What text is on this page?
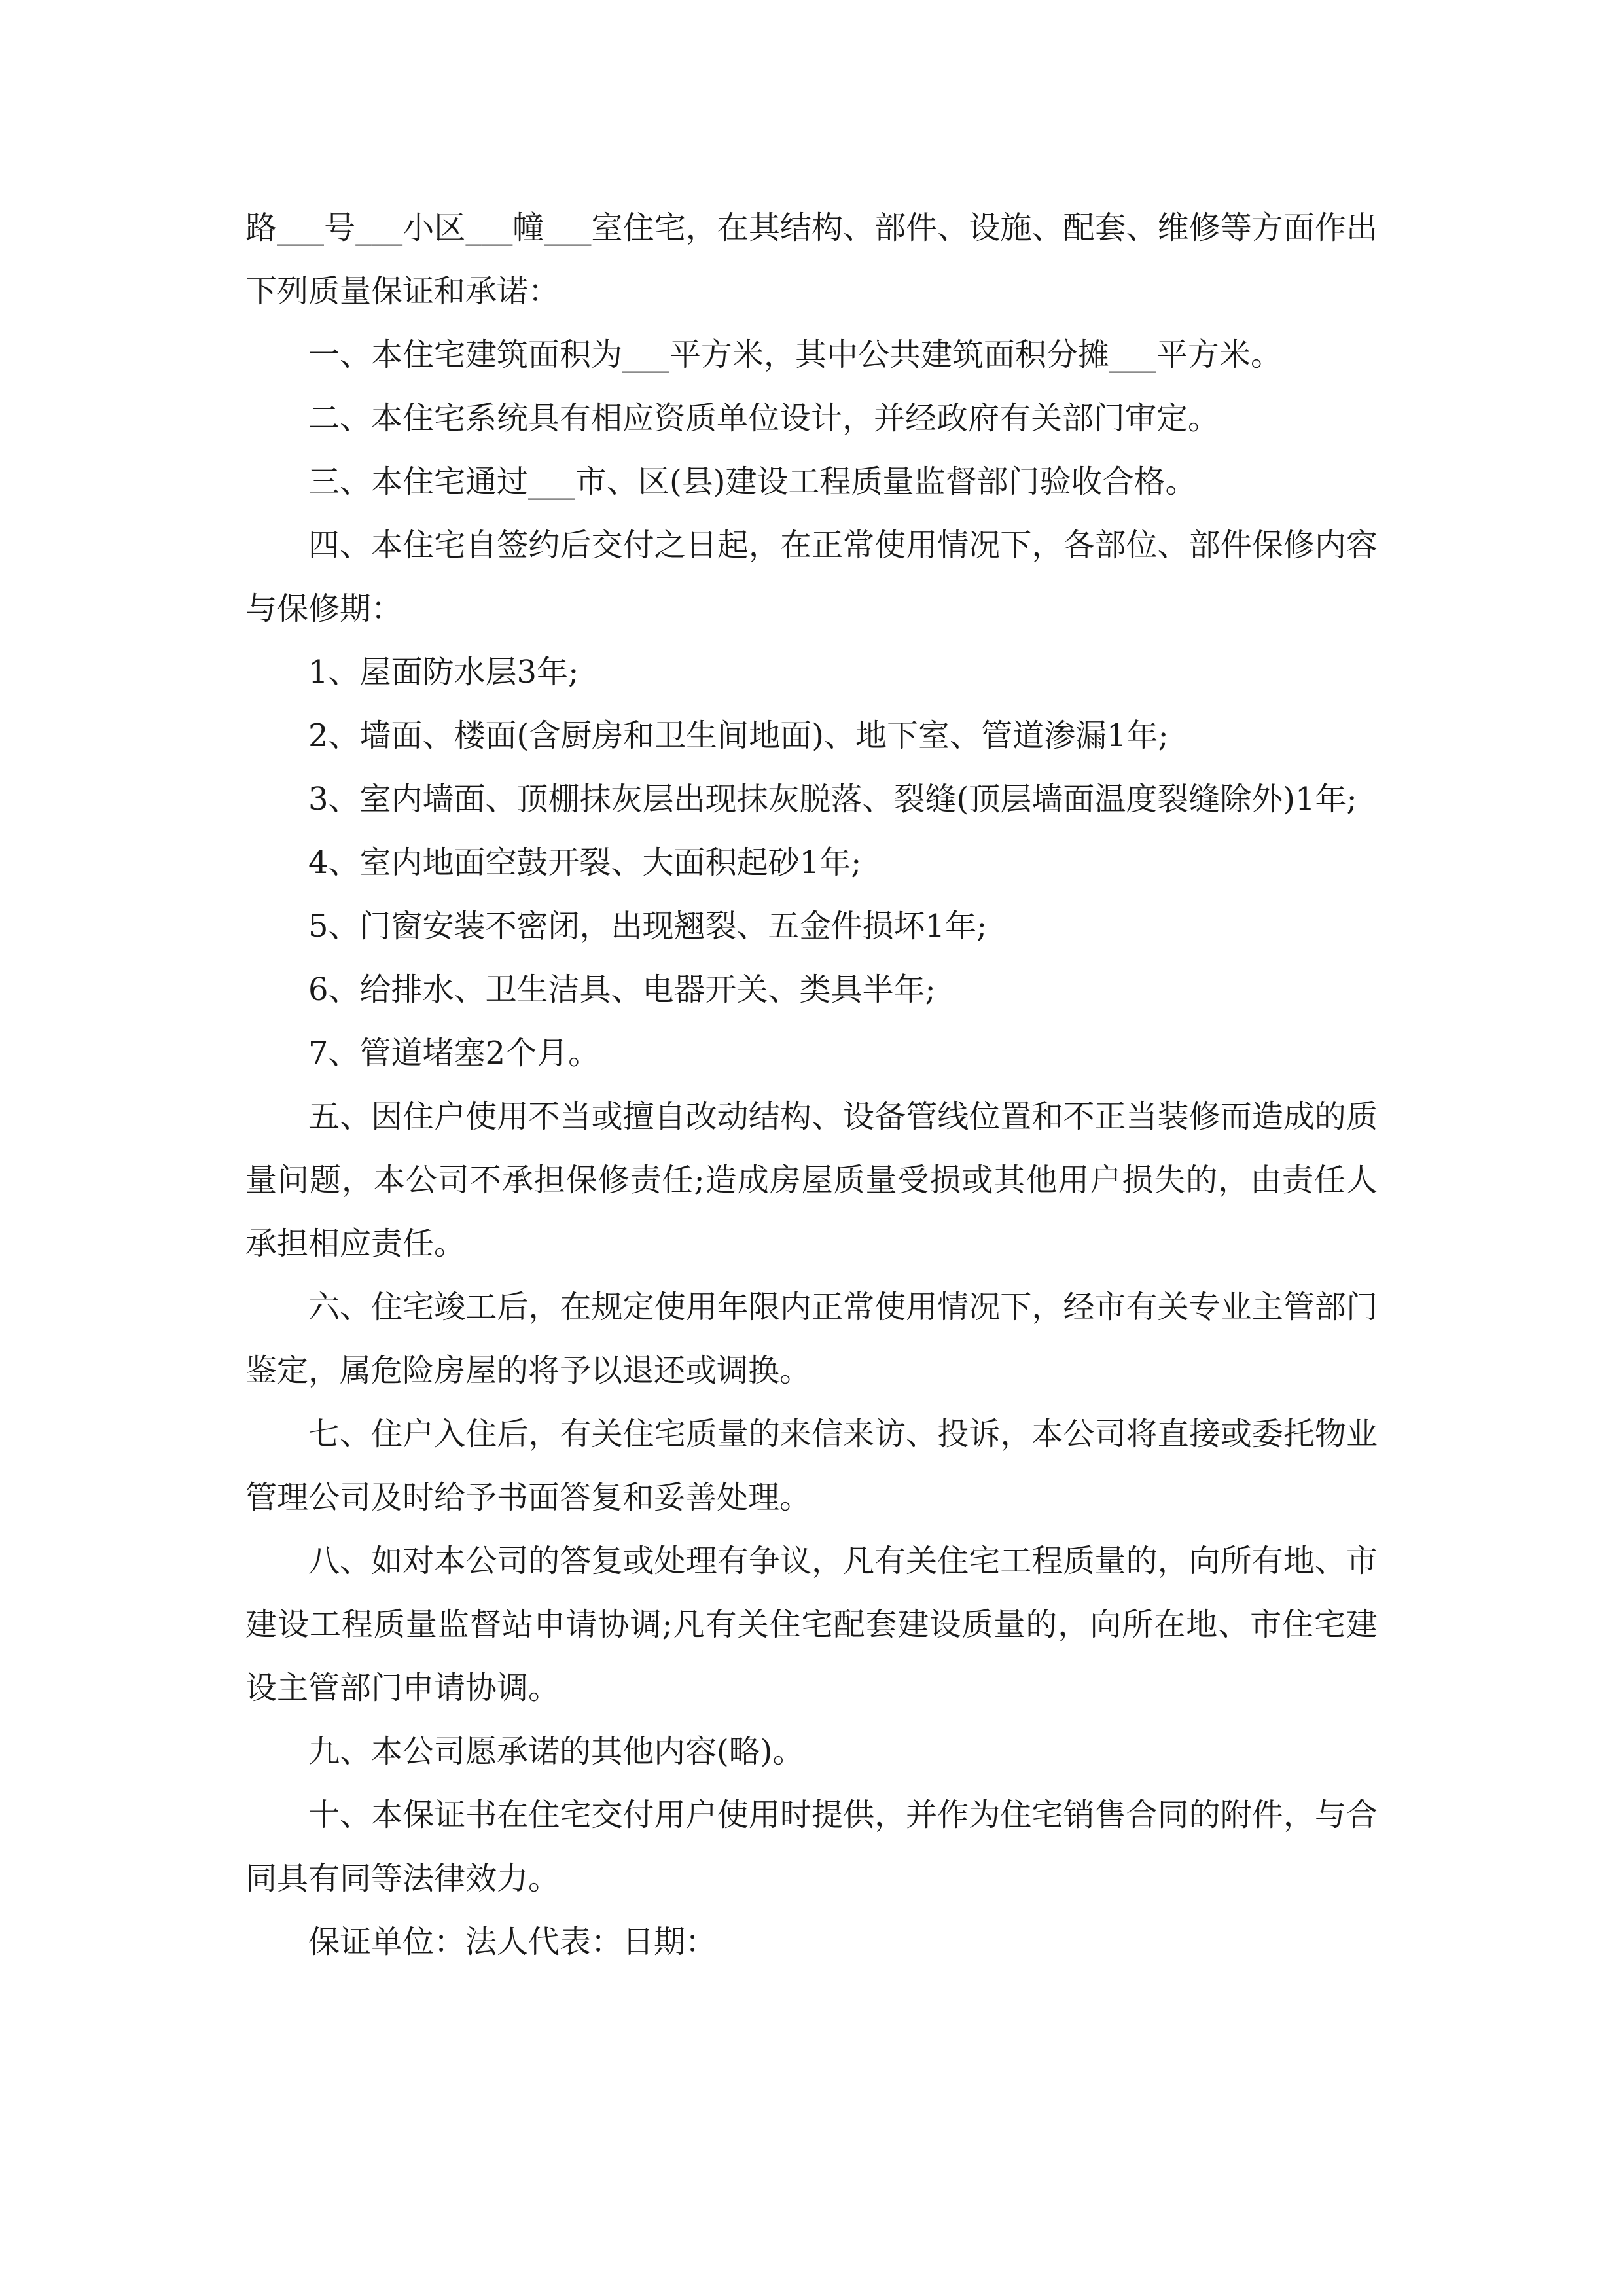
路___号___小区___幢___室住宅，在其结构、部件、设施、配套、维修等方面作出下列质量保证和承诺：

一、本住宅建筑面积为___平方米，其中公共建筑面积分摊___平方米。

二、本住宅系统具有相应资质单位设计，并经政府有关部门审定。

三、本住宅通过___市、区(县)建设工程质量监督部门验收合格。

四、本住宅自签约后交付之日起，在正常使用情况下，各部位、部件保修内容与保修期：

1、屋面防水层3年;

2、墙面、楼面(含厨房和卫生间地面)、地下室、管道渗漏1年;

3、室内墙面、顶棚抹灰层出现抹灰脱落、裂缝(顶层墙面温度裂缝除外)1年;

4、室内地面空鼓开裂、大面积起砂1年;

5、门窗安装不密闭，出现翘裂、五金件损坏1年;

6、给排水、卫生洁具、电器开关、类具半年;

7、管道堵塞2个月。

五、因住户使用不当或擅自改动结构、设备管线位置和不正当装修而造成的质量问题，本公司不承担保修责任;造成房屋质量受损或其他用户损失的，由责任人承担相应责任。

六、住宅竣工后，在规定使用年限内正常使用情况下，经市有关专业主管部门鉴定，属危险房屋的将予以退还或调换。

七、住户入住后，有关住宅质量的来信来访、投诉，本公司将直接或委托物业管理公司及时给予书面答复和妥善处理。

八、如对本公司的答复或处理有争议，凡有关住宅工程质量的，向所有地、市建设工程质量监督站申请协调;凡有关住宅配套建设质量的，向所在地、市住宅建设主管部门申请协调。

九、本公司愿承诺的其他内容(略)。

十、本保证书在住宅交付用户使用时提供，并作为住宅销售合同的附件，与合同具有同等法律效力。

保证单位：法人代表：日期：
